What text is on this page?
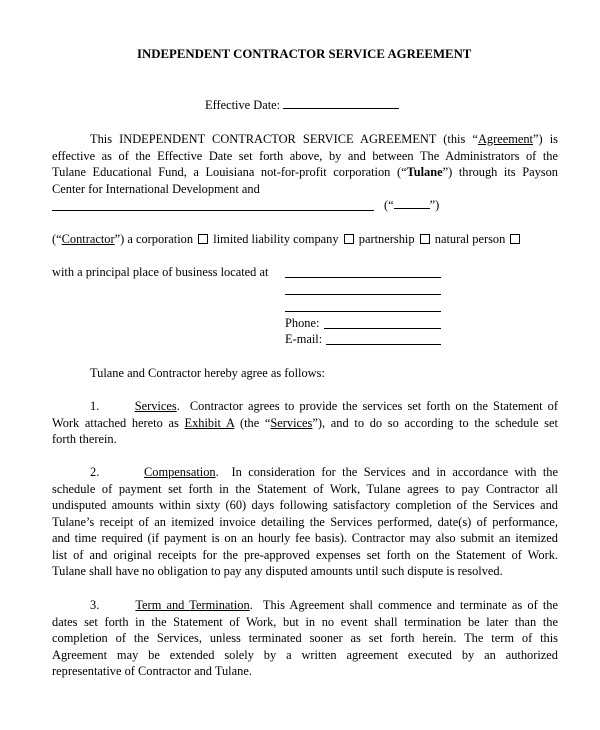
INDEPENDENT CONTRACTOR SERVICE AGREEMENT
Effective Date:
This INDEPENDENT CONTRACTOR SERVICE AGREEMENT (this “Agreement”) is
effective as of the Effective Date set forth above, by and between The Administrators of the
Tulane Educational Fund, a Louisiana not-for-profit corporation (“Tulane”) through its Payson
Center for International Development and
(“	”)
(“Contractor”) a corporation limited liability company partnership natural person
with a principal place of business located at
Phone:
E-mail:
Tulane and Contractor hereby agree as follows:
1.	Services.  Contractor agrees to provide the services set forth on the Statement of
Work attached hereto as Exhibit A (the “Services”), and to do so according to the schedule set
forth therein.
2.	Compensation.  In consideration for the Services and in accordance with the
schedule of payment set forth in the Statement of Work, Tulane agrees to pay Contractor all
undisputed amounts within sixty (60) days following satisfactory completion of the Services and
Tulane’s receipt of an itemized invoice detailing the Services performed, date(s) of performance,
and time required (if payment is on an hourly fee basis). Contractor may also submit an itemized
list of and original receipts for the pre-approved expenses set forth on the Statement of Work.
Tulane shall have no obligation to pay any disputed amounts until such dispute is resolved.
3.	Term and Termination.  This Agreement shall commence and terminate as of the
dates set forth in the Statement of Work, but in no event shall termination be later than the
completion of the Services, unless terminated sooner as set forth herein. The term of this
Agreement may be extended solely by a written agreement executed by an authorized
representative of Contractor and Tulane.
